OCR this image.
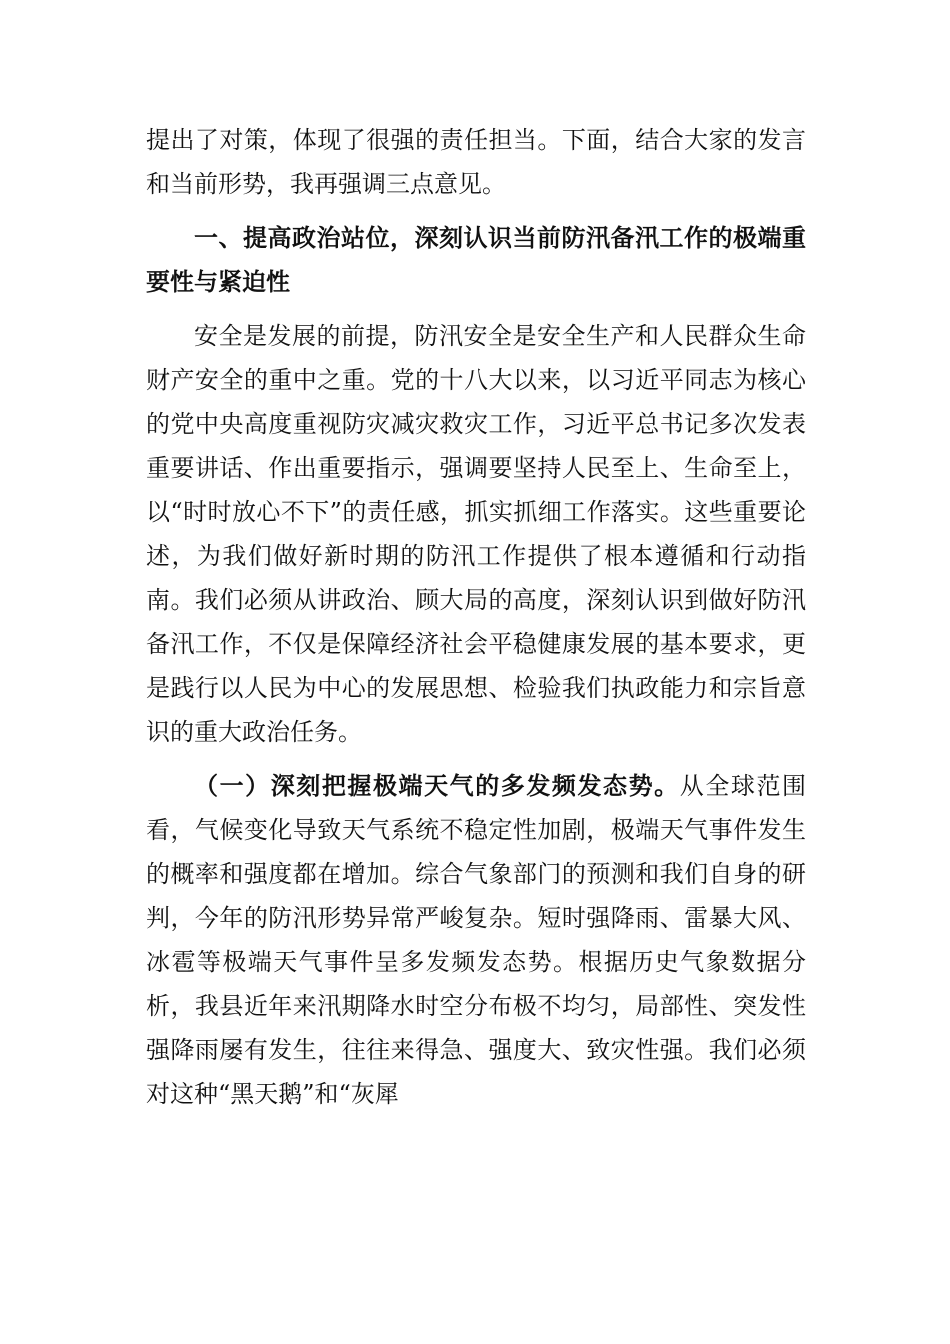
提出了对策，体现了很强的责任担当。下面，结合大家的发言和当前形势，我再强调三点意见。

一、提高政治站位，深刻认识当前防汛备汛工作的极端重要性与紧迫性

安全是发展的前提，防汛安全是安全生产和人民群众生命财产安全的重中之重。党的十八大以来，以习近平同志为核心的党中央高度重视防灾减灾救灾工作，习近平总书记多次发表重要讲话、作出重要指示，强调要坚持人民至上、生命至上，以“时时放心不下”的责任感，抓实抓细工作落实。这些重要论述，为我们做好新时期的防汛工作提供了根本遵循和行动指南。我们必须从讲政治、顾大局的高度，深刻认识到做好防汛备汛工作，不仅是保障经济社会平稳健康发展的基本要求，更是践行以人民为中心的发展思想、检验我们执政能力和宗旨意识的重大政治任务。

（一）深刻把握极端天气的多发频发态势。从全球范围看，气候变化导致天气系统不稳定性加剧，极端天气事件发生的概率和强度都在增加。综合气象部门的预测和我们自身的研判，今年的防汛形势异常严峻复杂。短时强降雨、雷暴大风、冰雹等极端天气事件呈多发频发态势。根据历史气象数据分析，我县近年来汛期降水时空分布极不均匀，局部性、突发性强降雨屡有发生，往往来得急、强度大、致灾性强。我们必须对这种“黑天鹅”和“灰犀
